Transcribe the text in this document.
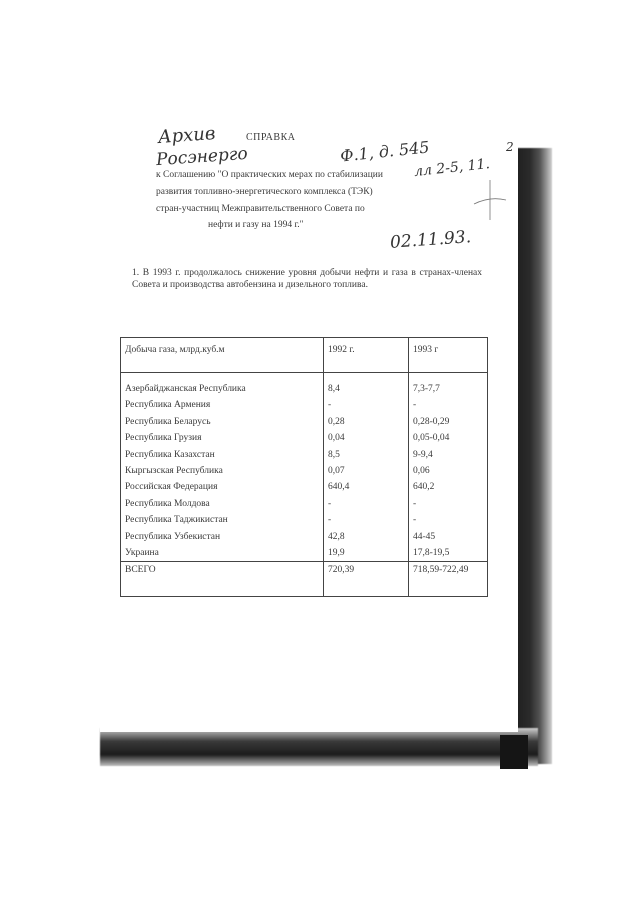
Архив
Росэнерго	Ф.1, д. 545
лл 2-5, 11.
02.11.93.
2
СПРАВКА
к Соглашению "О практических мерах по стабилизации
развития топливно-энергетического комплекса (ТЭК)
стран-участниц Межправительственного Совета по
нефти и газу на 1994 г."
1. В 1993 г. продолжалось снижение уровня добычи нефти и газа в странах-членах Совета и производства автобензина и дизельного топлива.
Добыча газа, млрд.куб.м	1992 г.	1993 г

Азербайджанская Республика	8,4	7,3-7,7
Республика Армения	-	-
Республика Беларусь	0,28	0,28-0,29
Республика Грузия	0,04	0,05-0,04
Республика Казахстан	8,5	9-9,4
Кыргызская Республика	0,07	0,06
Российская Федерация	640,4	640,2
Республика Молдова	-	-
Республика Таджикистан	-	-
Республика Узбекистан	42,8	44-45
Украина	19,9	17,8-19,5
ВСЕГО	720,39	718,59-722,49
